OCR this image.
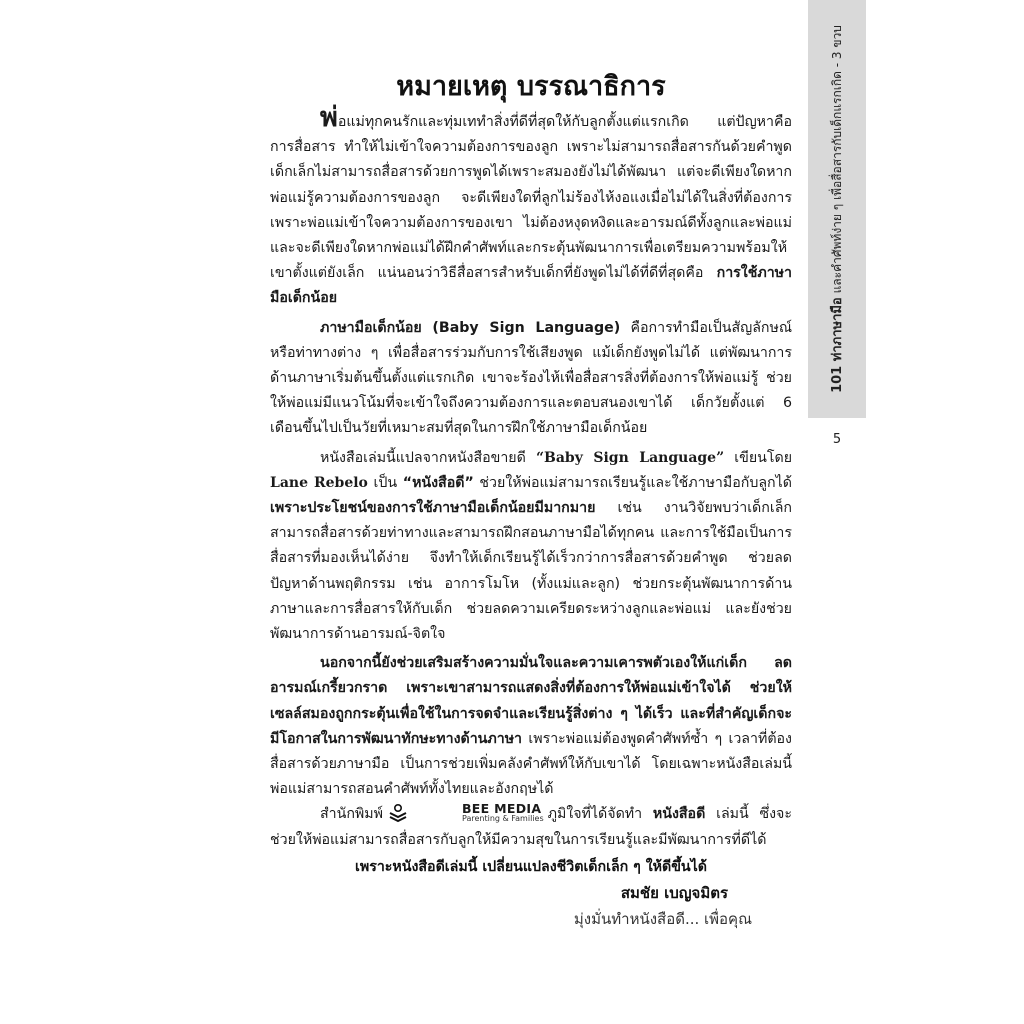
101 ท่าภาษามือ และคำศัพท์ง่าย ๆ เพื่อสื่อสารกับเด็กแรกเกิด - 3 ขวบ
5
หมายเหตุ บรรณาธิการ

พ่อแม่ทุกคนรักและทุ่มเททำสิ่งที่ดีที่สุดให้กับลูกตั้งแต่แรกเกิด แต่ปัญหาคือการสื่อสาร ทำให้ไม่เข้าใจความต้องการของลูก เพราะไม่สามารถสื่อสารกันด้วยคำพูด เด็กเล็กไม่สามารถสื่อสารด้วยการพูดได้เพราะสมองยังไม่ได้พัฒนา แต่จะดีเพียงใดหากพ่อแม่รู้ความต้องการของลูก จะดีเพียงใดที่ลูกไม่ร้องไห้งอแงเมื่อไม่ได้ในสิ่งที่ต้องการ เพราะพ่อแม่เข้าใจความต้องการของเขา ไม่ต้องหงุดหงิดและอารมณ์ดีทั้งลูกและพ่อแม่ และจะดีเพียงใดหากพ่อแม่ได้ฝึกคำศัพท์และกระตุ้นพัฒนาการเพื่อเตรียมความพร้อมให้เขาตั้งแต่ยังเล็ก แน่นอนว่าวิธีสื่อสารสำหรับเด็กที่ยังพูดไม่ได้ที่ดีที่สุดคือ การใช้ภาษามือเด็กน้อย

ภาษามือเด็กน้อย (Baby Sign Language) คือการทำมือเป็นสัญลักษณ์หรือท่าทางต่าง ๆ เพื่อสื่อสารร่วมกับการใช้เสียงพูด แม้เด็กยังพูดไม่ได้ แต่พัฒนาการด้านภาษาเริ่มต้นขึ้นตั้งแต่แรกเกิด เขาจะร้องไห้เพื่อสื่อสารสิ่งที่ต้องการให้พ่อแม่รู้ ช่วยให้พ่อแม่มีแนวโน้มที่จะเข้าใจถึงความต้องการและตอบสนองเขาได้ เด็กวัยตั้งแต่ 6 เดือนขึ้นไปเป็นวัยที่เหมาะสมที่สุดในการฝึกใช้ภาษามือเด็กน้อย

หนังสือเล่มนี้แปลจากหนังสือขายดี “Baby Sign Language” เขียนโดย Lane Rebelo เป็น “หนังสือดี” ช่วยให้พ่อแม่สามารถเรียนรู้และใช้ภาษามือกับลูกได้ เพราะประโยชน์ของการใช้ภาษามือเด็กน้อยมีมากมาย เช่น งานวิจัยพบว่าเด็กเล็กสามารถสื่อสารด้วยท่าทางและสามารถฝึกสอนภาษามือได้ทุกคน และการใช้มือเป็นการสื่อสารที่มองเห็นได้ง่าย จึงทำให้เด็กเรียนรู้ได้เร็วกว่าการสื่อสารด้วยคำพูด ช่วยลดปัญหาด้านพฤติกรรม เช่น อาการโมโห (ทั้งแม่และลูก) ช่วยกระตุ้นพัฒนาการด้านภาษาและการสื่อสารให้กับเด็ก ช่วยลดความเครียดระหว่างลูกและพ่อแม่ และยังช่วยพัฒนาการด้านอารมณ์-จิตใจ

นอกจากนี้ยังช่วยเสริมสร้างความมั่นใจและความเคารพตัวเองให้แก่เด็ก ลดอารมณ์เกรี้ยวกราด เพราะเขาสามารถแสดงสิ่งที่ต้องการให้พ่อแม่เข้าใจได้ ช่วยให้เซลล์สมองถูกกระตุ้นเพื่อใช้ในการจดจำและเรียนรู้สิ่งต่าง ๆ ได้เร็ว และที่สำคัญเด็กจะมีโอกาสในการพัฒนาทักษะทางด้านภาษา เพราะพ่อแม่ต้องพูดคำศัพท์ซ้ำ ๆ เวลาที่ต้องสื่อสารด้วยภาษามือ เป็นการช่วยเพิ่มคลังคำศัพท์ให้กับเขาได้ โดยเฉพาะหนังสือเล่มนี้พ่อแม่สามารถสอนคำศัพท์ทั้งไทยและอังกฤษได้

สำนักพิมพ์	BEE MEDIA
Parenting & Families ภูมิใจที่ได้จัดทำ หนังสือดี เล่มนี้ ซึ่งจะช่วยให้พ่อแม่สามารถสื่อสารกับลูกให้มีความสุขในการเรียนรู้และมีพัฒนาการที่ดีได้

เพราะหนังสือดีเล่มนี้ เปลี่ยนแปลงชีวิตเด็กเล็ก ๆ ให้ดีขึ้นได้
สมชัย เบญจมิตร
มุ่งมั่นทำหนังสือดี... เพื่อคุณ
